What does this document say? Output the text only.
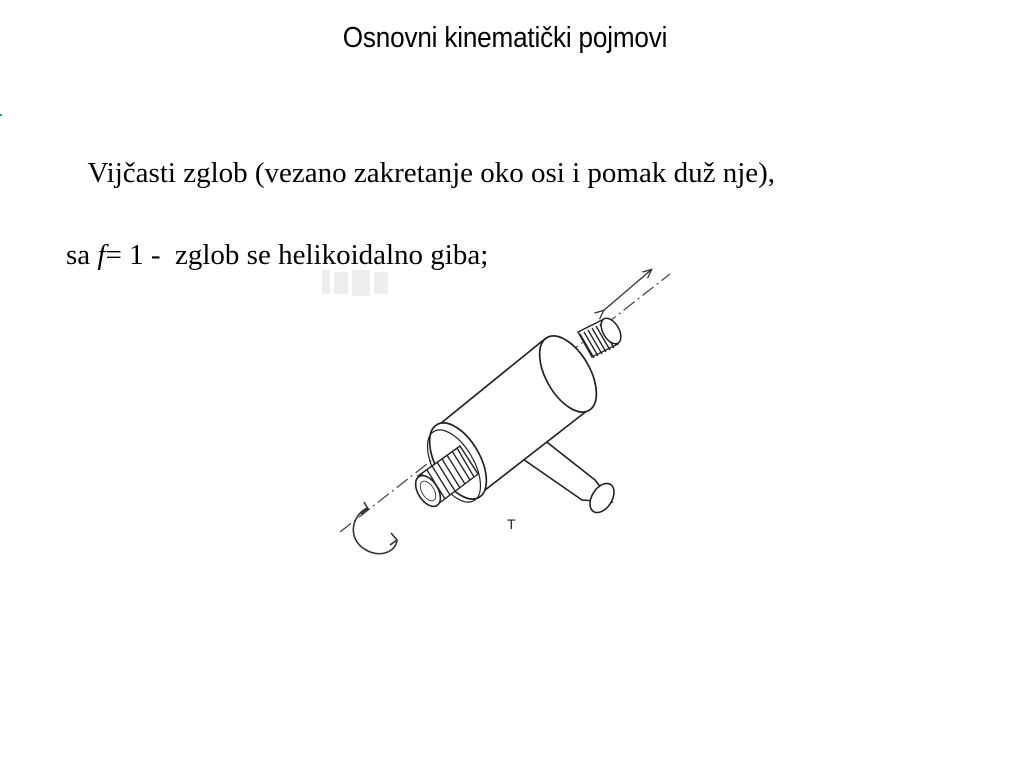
Osnovni kinematički pojmovi

Vijčasti zglob (vezano zakretanje oko osi i pomak duž nje),

sa f= 1 -  zglob se helikoidalno giba;

T
